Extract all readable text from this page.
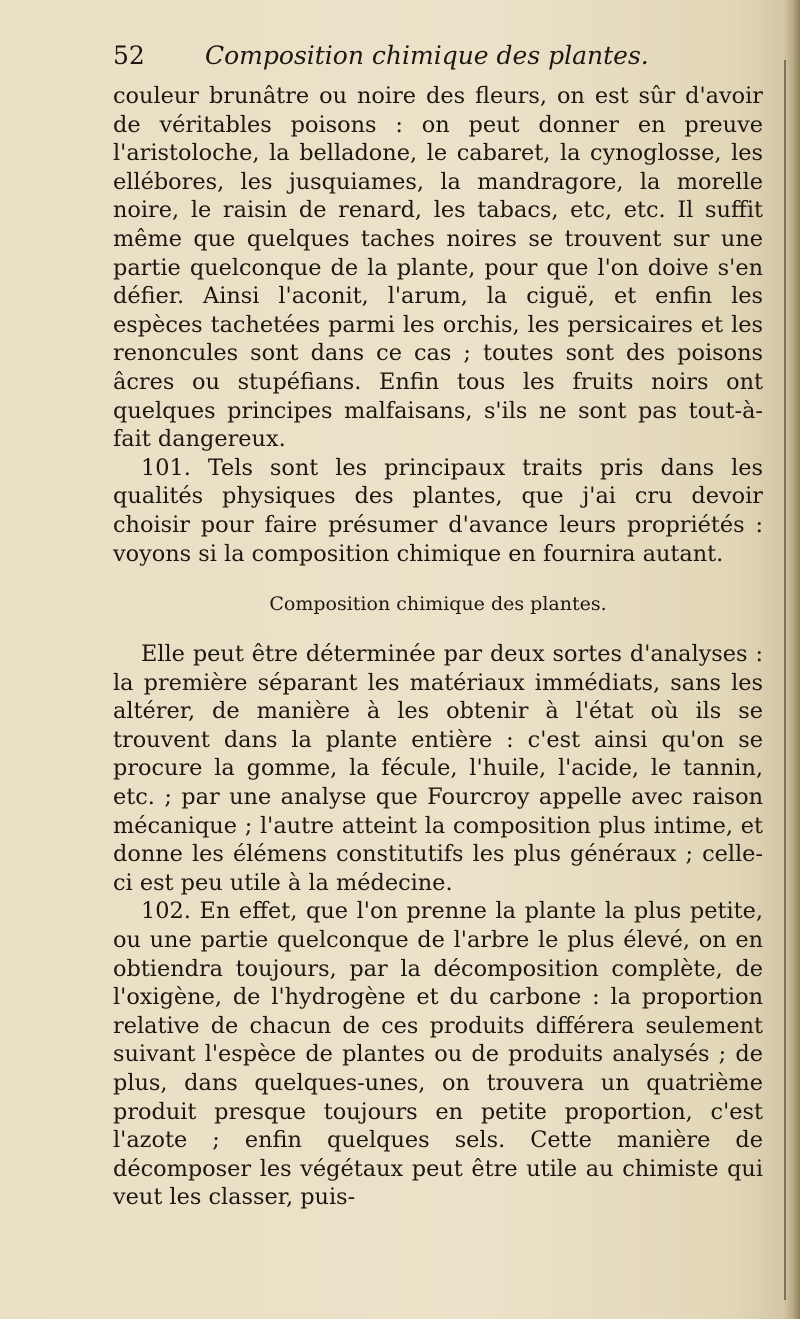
52 Composition chimique des plantes.

couleur brunâtre ou noire des fleurs, on est sûr d'avoir de véritables poisons : on peut donner en preuve l'aristoloche, la belladone, le cabaret, la cynoglosse, les ellébores, les jusquiames, la mandragore, la morelle noire, le raisin de renard, les tabacs, etc, etc. Il suffit même que quelques taches noires se trouvent sur une partie quelconque de la plante, pour que l'on doive s'en défier. Ainsi l'aconit, l'arum, la ciguë, et enfin les espèces tachetées parmi les orchis, les persicaires et les renoncules sont dans ce cas ; toutes sont des poisons âcres ou stupéfians. Enfin tous les fruits noirs ont quelques principes malfaisans, s'ils ne sont pas tout-à-fait dangereux.

101. Tels sont les principaux traits pris dans les qualités physiques des plantes, que j'ai cru devoir choisir pour faire présumer d'avance leurs propriétés : voyons si la composition chimique en fournira autant.

Composition chimique des plantes.

Elle peut être déterminée par deux sortes d'analyses : la première séparant les matériaux immédiats, sans les altérer, de manière à les obtenir à l'état où ils se trouvent dans la plante entière : c'est ainsi qu'on se procure la gomme, la fécule, l'huile, l'acide, le tannin, etc. ; par une analyse que Fourcroy appelle avec raison mécanique ; l'autre atteint la composition plus intime, et donne les élémens constitutifs les plus généraux ; celle-ci est peu utile à la médecine.

102. En effet, que l'on prenne la plante la plus petite, ou une partie quelconque de l'arbre le plus élevé, on en obtiendra toujours, par la décomposition complète, de l'oxigène, de l'hydrogène et du carbone : la proportion relative de chacun de ces produits différera seulement suivant l'espèce de plantes ou de produits analysés ; de plus, dans quelques-unes, on trouvera un quatrième produit presque toujours en petite proportion, c'est l'azote ; enfin quelques sels. Cette manière de décomposer les végétaux peut être utile au chimiste qui veut les classer, puis-
